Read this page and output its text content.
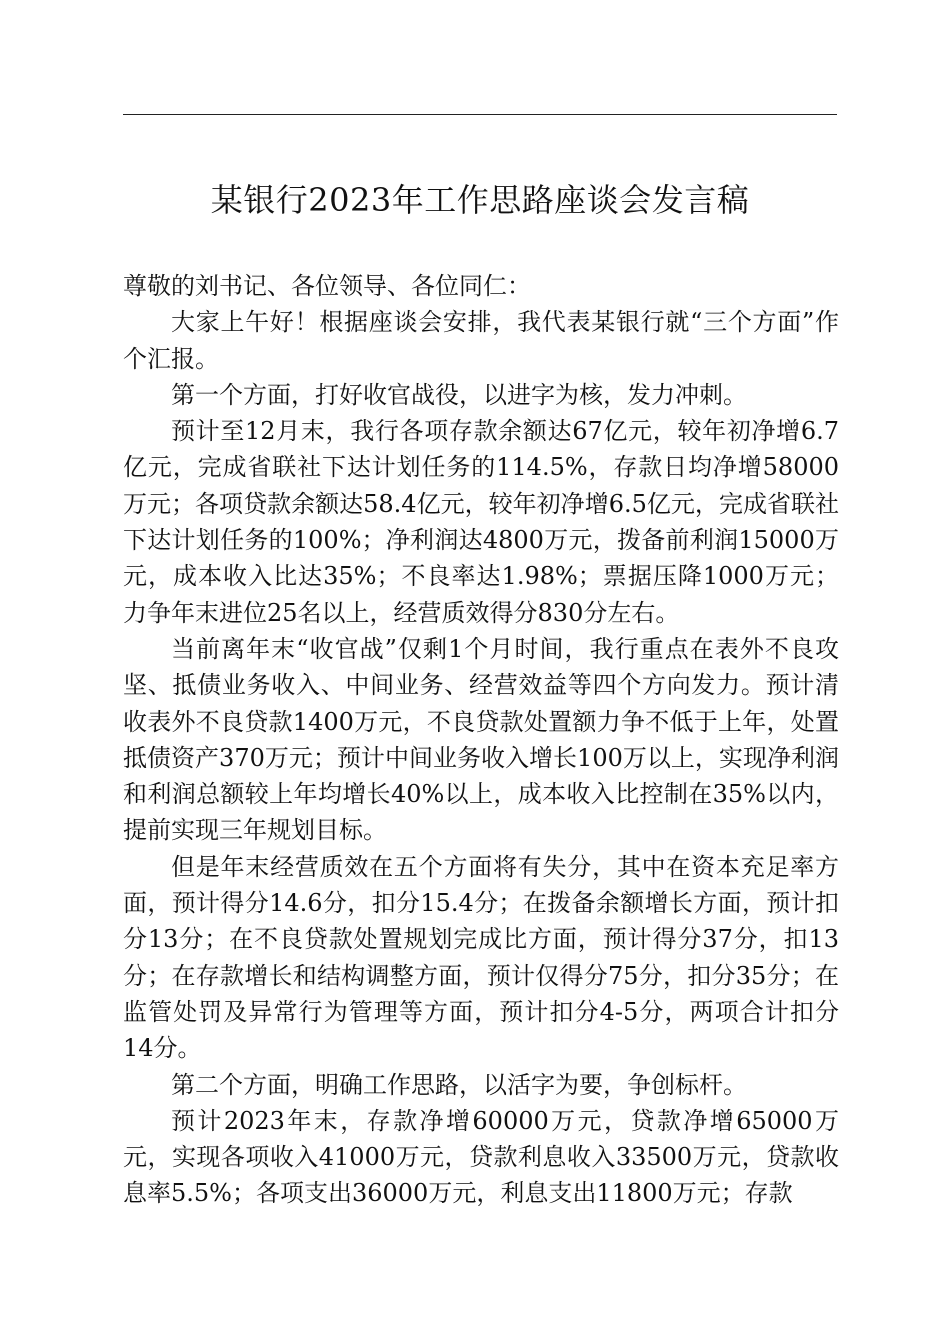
某银行2023年工作思路座谈会发言稿

尊敬的刘书记、各位领导、各位同仁：

大家上午好！根据座谈会安排，我代表某银行就“三个方面”作个汇报。

第一个方面，打好收官战役，以进字为核，发力冲刺。

预计至12月末，我行各项存款余额达67亿元，较年初净增6.7亿元，完成省联社下达计划任务的114.5%，存款日均净增58000万元；各项贷款余额达58.4亿元，较年初净增6.5亿元，完成省联社下达计划任务的100%；净利润达4800万元，拨备前利润15000万元，成本收入比达35%；不良率达1.98%；票据压降1000万元；力争年末进位25名以上，经营质效得分830分左右。

当前离年末“收官战”仅剩1个月时间，我行重点在表外不良攻坚、抵债业务收入、中间业务、经营效益等四个方向发力。预计清收表外不良贷款1400万元，不良贷款处置额力争不低于上年，处置抵债资产370万元；预计中间业务收入增长100万以上，实现净利润和利润总额较上年均增长40%以上，成本收入比控制在35%以内，提前实现三年规划目标。

但是年末经营质效在五个方面将有失分，其中在资本充足率方面，预计得分14.6分，扣分15.4分；在拨备余额增长方面，预计扣分13分；在不良贷款处置规划完成比方面，预计得分37分，扣13分；在存款增长和结构调整方面，预计仅得分75分，扣分35分；在监管处罚及异常行为管理等方面，预计扣分4-5分，两项合计扣分14分。

第二个方面，明确工作思路，以活字为要，争创标杆。

预计2023年末，存款净增60000万元，贷款净增65000万元，实现各项收入41000万元，贷款利息收入33500万元，贷款收息率5.5%；各项支出36000万元，利息支出11800万元；存款
